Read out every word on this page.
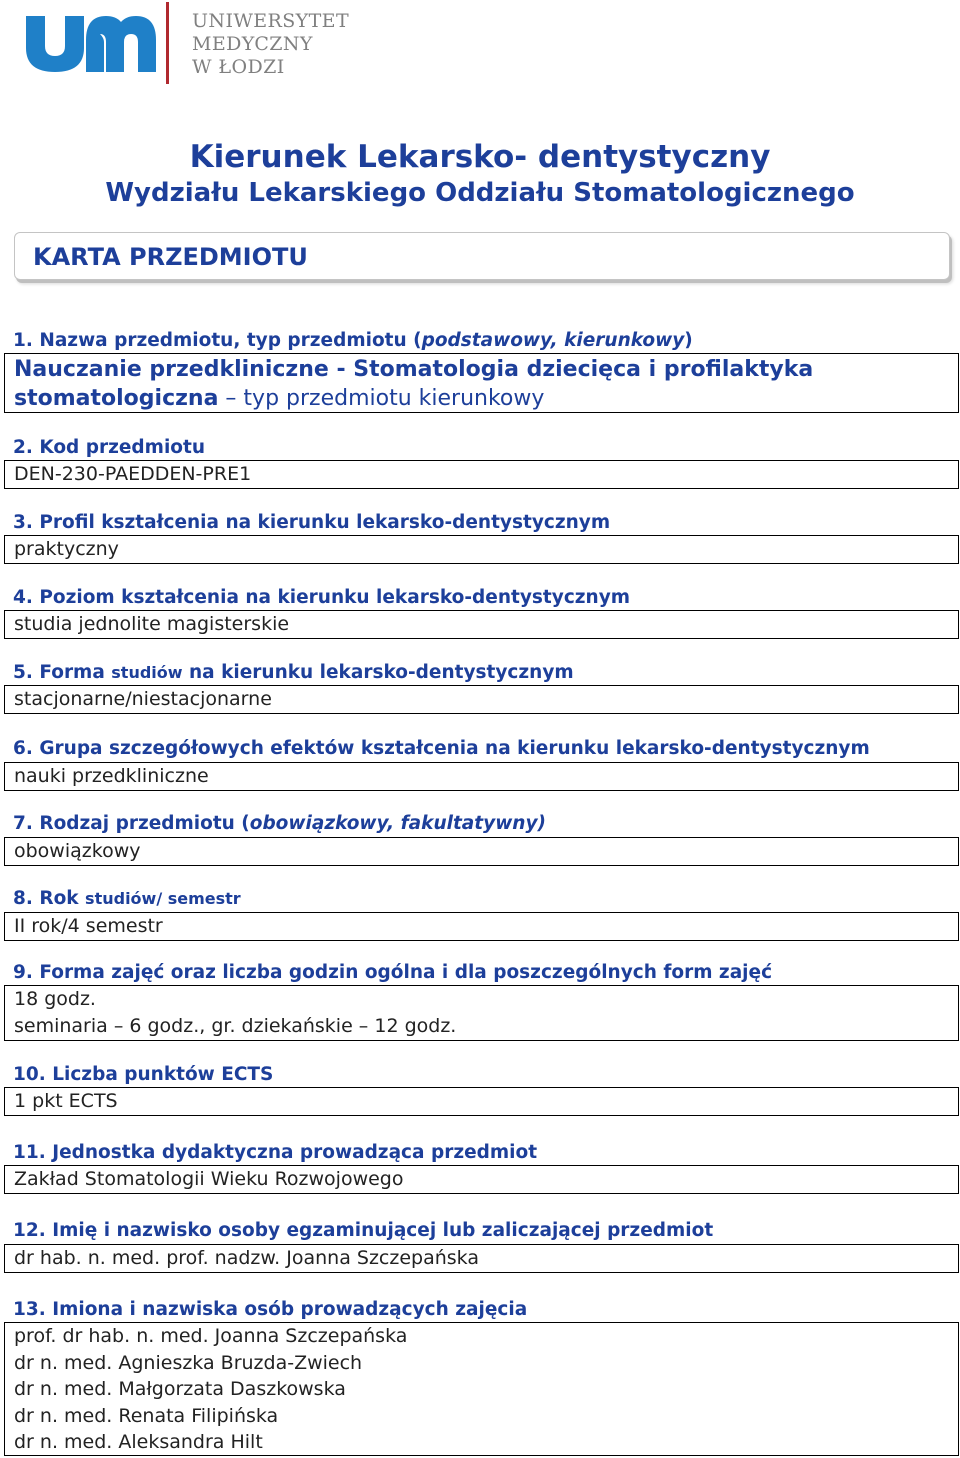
UNIWERSYTET
MEDYCZNY
W ŁODZI
Kierunek Lekarsko- dentystyczny
Wydziału Lekarskiego Oddziału Stomatologicznego
KARTA PRZEDMIOTU
1. Nazwa przedmiotu, typ przedmiotu (podstawowy, kierunkowy)
Nauczanie przedkliniczne - Stomatologia dziecięca i profilaktyka
stomatologiczna – typ przedmiotu kierunkowy
2. Kod przedmiotu
DEN-230-PAEDDEN-PRE1
3. Profil kształcenia na kierunku lekarsko-dentystycznym
praktyczny
4. Poziom kształcenia na kierunku lekarsko-dentystycznym
studia jednolite magisterskie
5. Forma studiów na kierunku lekarsko-dentystycznym
stacjonarne/niestacjonarne
6. Grupa szczegółowych efektów kształcenia na kierunku lekarsko-dentystycznym
nauki przedkliniczne
7. Rodzaj przedmiotu (obowiązkowy, fakultatywny)
obowiązkowy
8. Rok studiów/ semestr
II rok/4 semestr
9. Forma zajęć oraz liczba godzin ogólna i dla poszczególnych form zajęć
18 godz.
seminaria – 6 godz., gr. dziekańskie – 12 godz.
10. Liczba punktów ECTS
1 pkt ECTS
11. Jednostka dydaktyczna prowadząca przedmiot
Zakład Stomatologii Wieku Rozwojowego
12. Imię i nazwisko osoby egzaminującej lub zaliczającej przedmiot
dr hab. n. med. prof. nadzw. Joanna Szczepańska
13. Imiona i nazwiska osób prowadzących zajęcia
prof. dr hab. n. med. Joanna Szczepańska
dr n. med. Agnieszka Bruzda-Zwiech
dr n. med. Małgorzata Daszkowska
dr n. med. Renata Filipińska
dr n. med. Aleksandra Hilt
